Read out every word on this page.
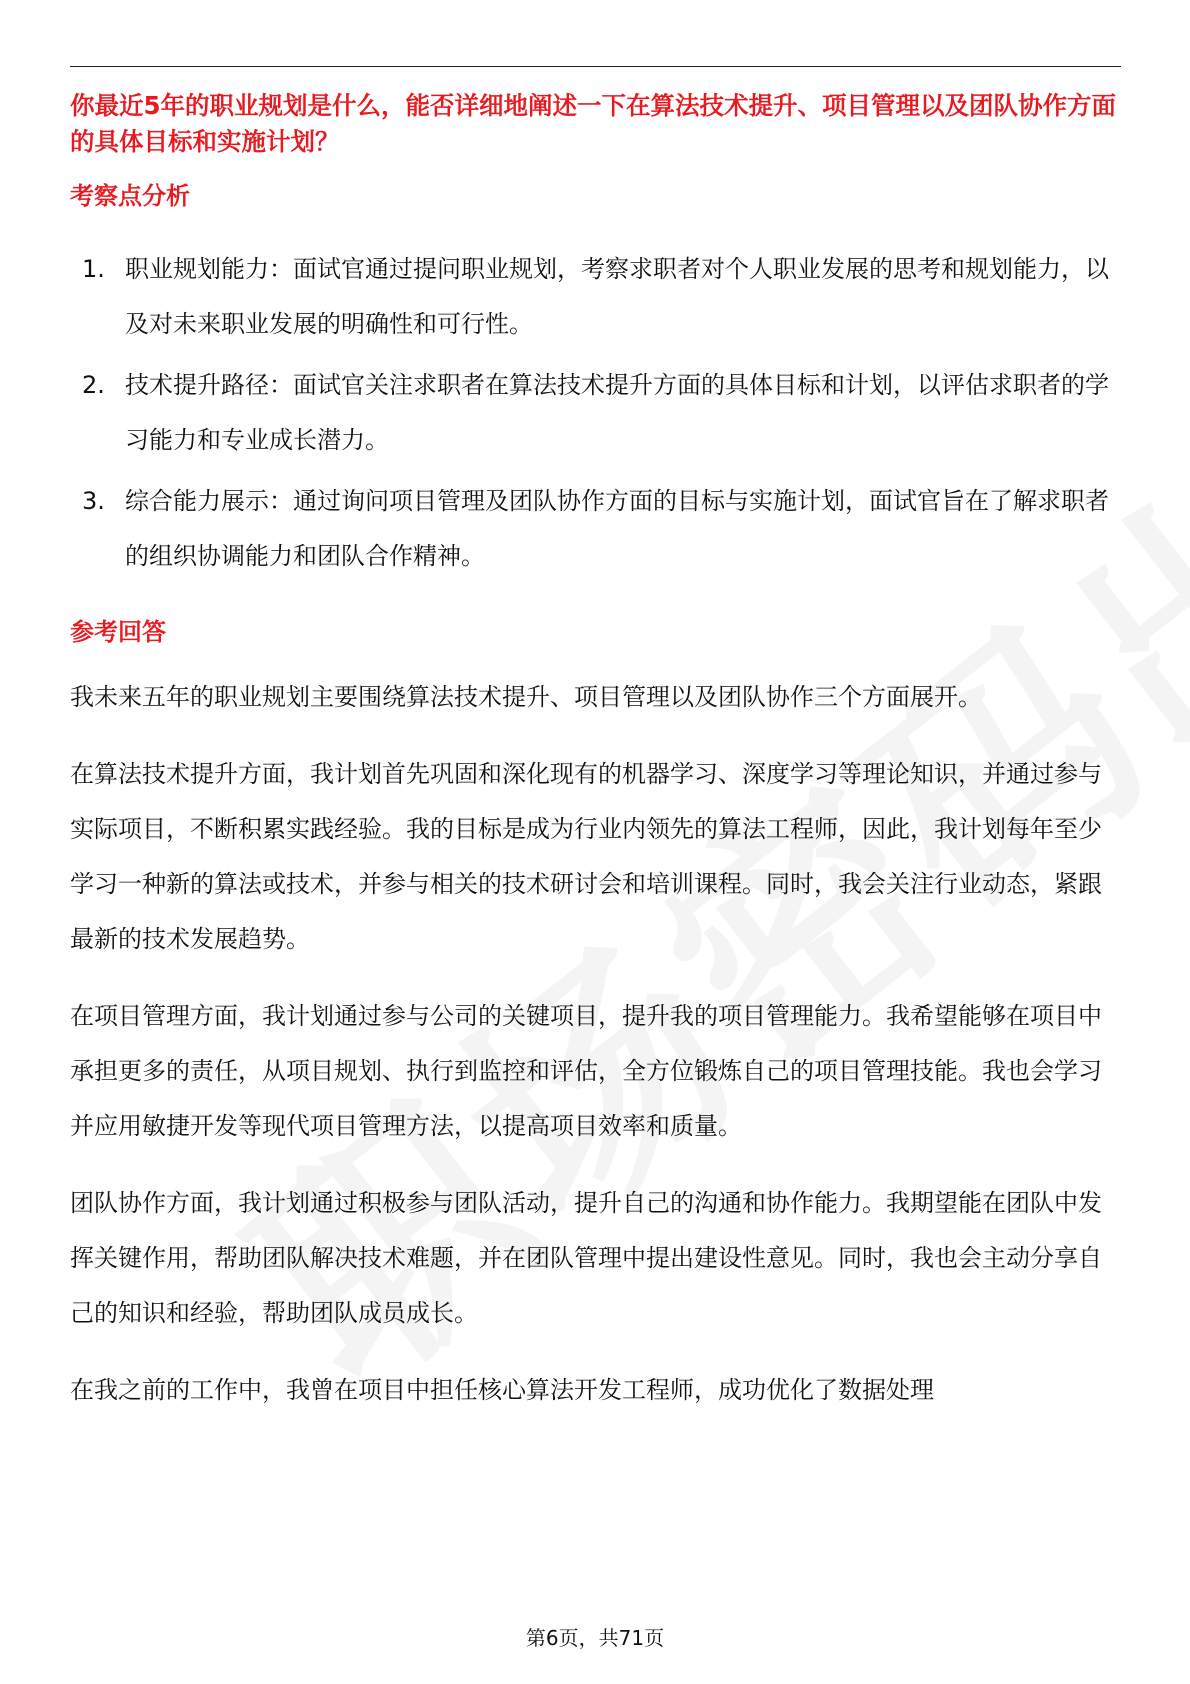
你最近5年的职业规划是什么，能否详细地阐述一下在算法技术提升、项目管理以及团队协作方面的具体目标和实施计划？

考察点分析

1. 职业规划能力：面试官通过提问职业规划，考察求职者对个人职业发展的思考和规划能力，以及对未来职业发展的明确性和可行性。
2. 技术提升路径：面试官关注求职者在算法技术提升方面的具体目标和计划，以评估求职者的学习能力和专业成长潜力。
3. 综合能力展示：通过询问项目管理及团队协作方面的目标与实施计划，面试官旨在了解求职者的组织协调能力和团队合作精神。

参考回答

我未来五年的职业规划主要围绕算法技术提升、项目管理以及团队协作三个方面展开。

在算法技术提升方面，我计划首先巩固和深化现有的机器学习、深度学习等理论知识，并通过参与实际项目，不断积累实践经验。我的目标是成为行业内领先的算法工程师，因此，我计划每年至少学习一种新的算法或技术，并参与相关的技术研讨会和培训课程。同时，我会关注行业动态，紧跟最新的技术发展趋势。

在项目管理方面，我计划通过参与公司的关键项目，提升我的项目管理能力。我希望能够在项目中承担更多的责任，从项目规划、执行到监控和评估，全方位锻炼自己的项目管理技能。我也会学习并应用敏捷开发等现代项目管理方法，以提高项目效率和质量。

团队协作方面，我计划通过积极参与团队活动，提升自己的沟通和协作能力。我期望能在团队中发挥关键作用，帮助团队解决技术难题，并在团队管理中提出建设性意见。同时，我也会主动分享自己的知识和经验，帮助团队成员成长。

在我之前的工作中，我曾在项目中担任核心算法开发工程师，成功优化了数据处理

第6页，共71页
